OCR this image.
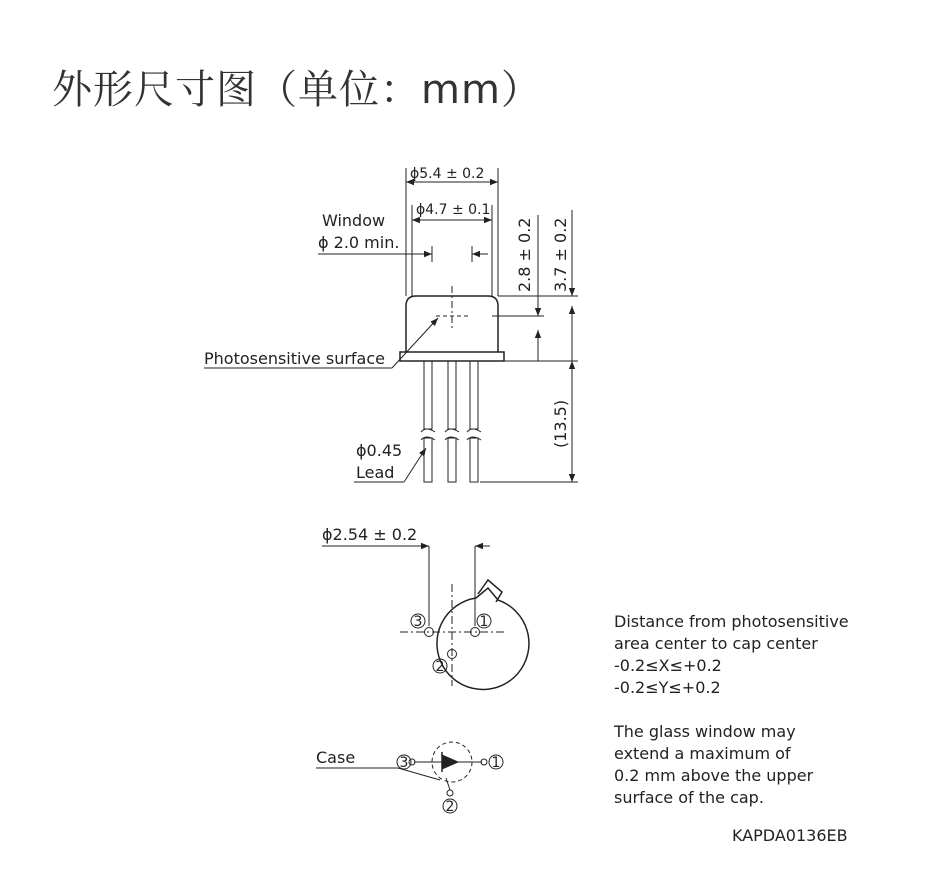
外形尺寸图（单位：mm）
ϕ5.4 ± 0.2
ϕ4.7 ± 0.1
Window
ϕ 2.0 min.
Photosensitive surface
ϕ0.45
Lead
2.8 ± 0.2 3.7 ± 0.2
(13.5)
ϕ2.54 ± 0.2
3	1
2
Case	3	1
2
Distance from photosensitive
area center to cap center
-0.2≤X≤+0.2
-0.2≤Y≤+0.2
The glass window may
extend a maximum of
0.2 mm above the upper
surface of the cap.
KAPDA0136EB
